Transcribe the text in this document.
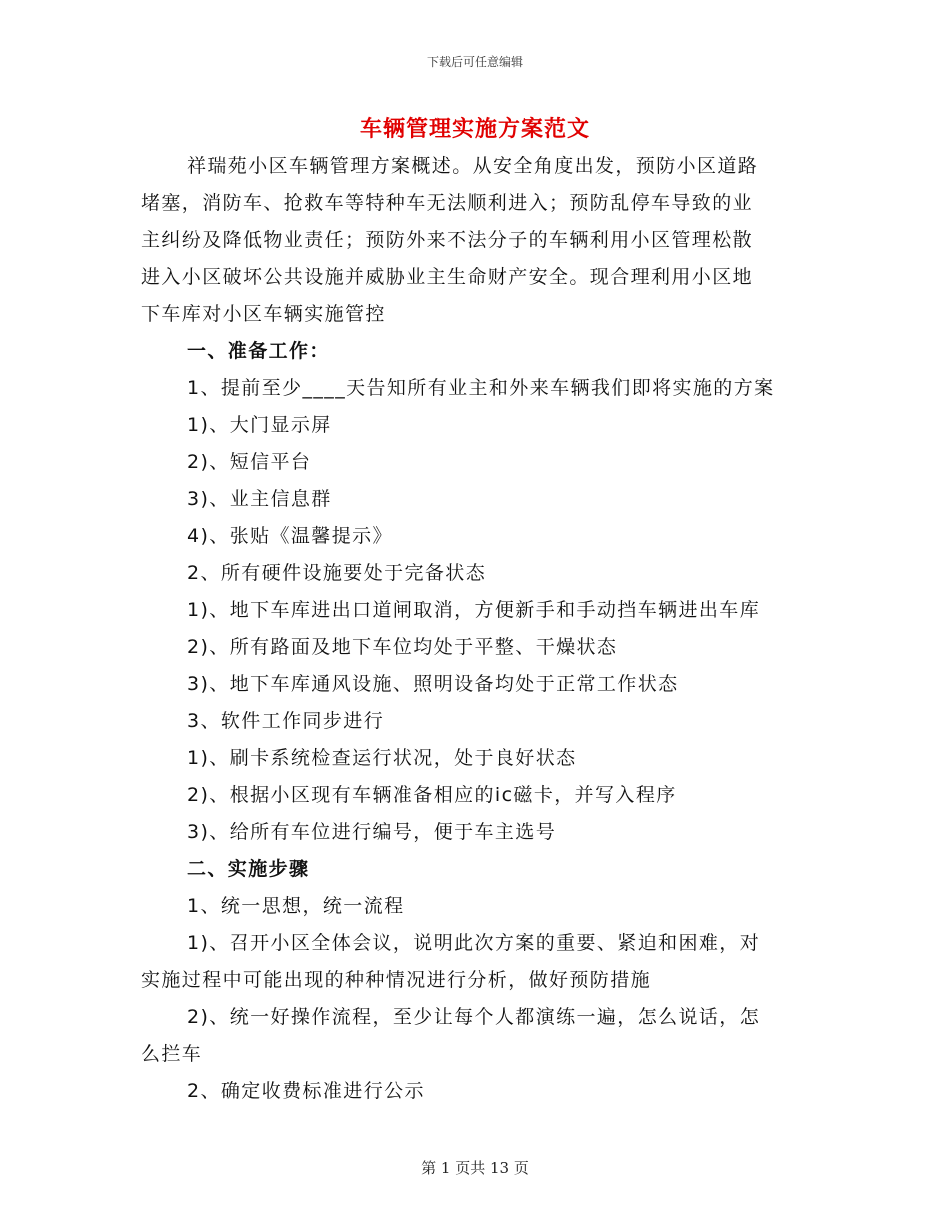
下载后可任意编辑
车辆管理实施方案范文
祥瑞苑小区车辆管理方案概述。从安全角度出发，预防小区道路
堵塞，消防车、抢救车等特种车无法顺利进入；预防乱停车导致的业
主纠纷及降低物业责任；预防外来不法分子的车辆利用小区管理松散
进入小区破坏公共设施并威胁业主生命财产安全。现合理利用小区地
下车库对小区车辆实施管控
一、准备工作：
1、提前至少____天告知所有业主和外来车辆我们即将实施的方案
1)、大门显示屏
2)、短信平台
3)、业主信息群
4)、张贴《温馨提示》
2、所有硬件设施要处于完备状态
1)、地下车库进出口道闸取消，方便新手和手动挡车辆进出车库
2)、所有路面及地下车位均处于平整、干燥状态
3)、地下车库通风设施、照明设备均处于正常工作状态
3、软件工作同步进行
1)、刷卡系统检查运行状况，处于良好状态
2)、根据小区现有车辆准备相应的ic磁卡，并写入程序
3)、给所有车位进行编号，便于车主选号
二、实施步骤
1、统一思想，统一流程
1)、召开小区全体会议，说明此次方案的重要、紧迫和困难，对
实施过程中可能出现的种种情况进行分析，做好预防措施
2)、统一好操作流程，至少让每个人都演练一遍，怎么说话，怎
么拦车
2、确定收费标准进行公示
第 1 页共 13 页
